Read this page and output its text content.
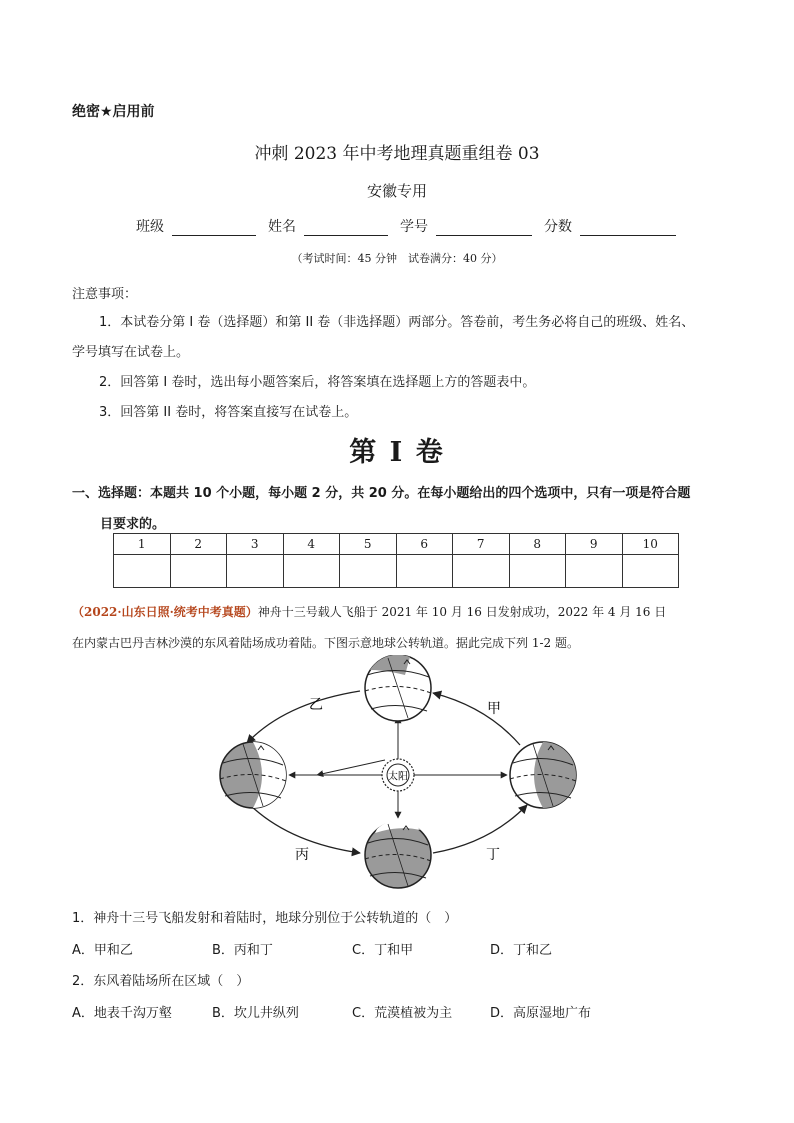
绝密★启用前
冲刺 2023 年中考地理真题重组卷 03
安徽专用
班级	姓名	学号	分数
（考试时间：45 分钟　试卷满分：40 分）
注意事项：
1．本试卷分第 I 卷（选择题）和第 II 卷（非选择题）两部分。答卷前，考生务必将自己的班级、姓名、
学号填写在试卷上。
2．回答第 I 卷时，选出每小题答案后，将答案填在选择题上方的答题表中。
3．回答第 II 卷时，将答案直接写在试卷上。
第 I 卷
一、选择题：本题共 10 个小题，每小题 2 分，共 20 分。在每小题给出的四个选项中，只有一项是符合题
目要求的。
1	2	3	4	5	6	7	8	9	10

（2022·山东日照·统考中考真题）神舟十三号载人飞船于 2021 年 10 月 16 日发射成功，2022 年 4 月 16 日
在内蒙古巴丹吉林沙漠的东风着陆场成功着陆。下图示意地球公转轨道。据此完成下列 1-2 题。
太阳
乙	甲
丙	丁
1．神舟十三号飞船发射和着陆时，地球分别位于公转轨道的（　）
A．甲和乙	B．丙和丁	C．丁和甲	D．丁和乙
2．东风着陆场所在区域（　）
A．地表千沟万壑	B．坎儿井纵列	C．荒漠植被为主	D．高原湿地广布
